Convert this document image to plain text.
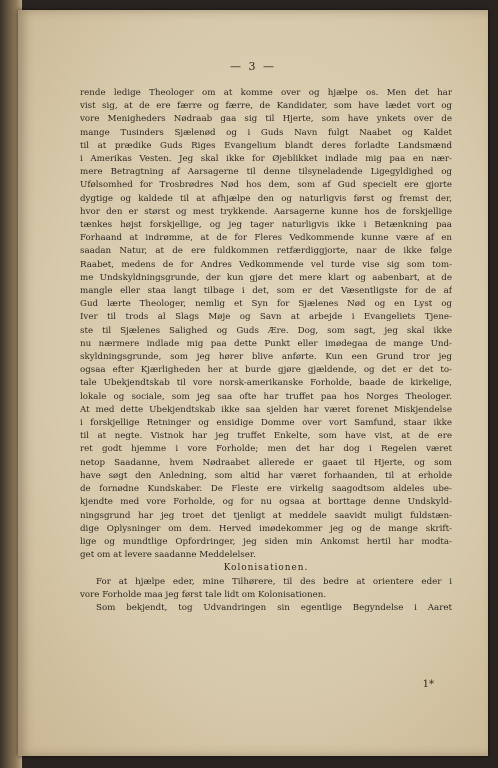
— 3 —
rende ledige Theologer om at komme over og hjælpe os. Men det har
vist sig, at de ere færre og færre, de Kandidater, som have lædet vort og
vore Menigheders Nødraab gaa sig til Hjerte, som have ynkets over de
mange Tusinders Sjælenød og i Guds Navn fulgt Naabet og Kaldet
til at prædike Guds Riges Evangelium blandt deres forladte Landsmænd
i Amerikas Vesten. Jeg skal ikke for Øjeblikket indlade mig paa en nær-
mere Betragtning af Aarsagerne til denne tilsyneladende Ligegyldighed og
Ufølsomhed for Trosbrødres Nød hos dem, som af Gud specielt ere gjorte
dygtige og kaldede til at afhjælpe den og naturligvis først og fremst der,
hvor den er størst og mest trykkende. Aarsagerne kunne hos de forskjellige
tænkes højst forskjellige, og jeg tager naturligvis ikke i Betænkning paa
Forhaand at indrømme, at de for Fleres Vedkommende kunne være af en
saadan Natur, at de ere fuldkommen retfærdiggjorte, naar de ikke følge
Raabet, medens de for Andres Vedkommende vel turde vise sig som tom-
me Undskyldningsgrunde, der kun gjøre det mere klart og aabenbart, at de
mangle eller staa langt tilbage i det, som er det Væsentligste for de af
Gud lærte Theologer, nemlig et Syn for Sjælenes Nød og en Lyst og
Iver til trods al Slags Møje og Savn at arbejde i Evangeliets Tjene-
ste til Sjælenes Salighed og Guds Ære. Dog, som sagt, jeg skal ikke
nu nærmere indlade mig paa dette Punkt eller imødegaa de mange Und-
skyldningsgrunde, som jeg hører blive anførte. Kun een Grund tror jeg
ogsaa efter Kjærligheden her at burde gjøre gjældende, og det er det to-
tale Ubekjendtskab til vore norsk-amerikanske Forholde, baade de kirkelige,
lokale og sociale, som jeg saa ofte har truffet paa hos Norges Theologer.
At med dette Ubekjendtskab ikke saa sjelden har været forenet Miskjendelse
i forskjellige Retninger og ensidige Domme over vort Samfund, staar ikke
til at negte. Vistnok har jeg truffet Enkelte, som have vist, at de ere
ret godt hjemme i vore Forholde; men det har dog i Regelen været
netop Saadanne, hvem Nødraabet allerede er gaaet til Hjerte, og som
have søgt den Anledning, som altid har været forhaanden, til at erholde
de fornødne Kundskaber. De Fleste ere virkelig saagodtsom aldeles ube-
kjendte med vore Forholde, og for nu ogsaa at borttage denne Undskyld-
ningsgrund har jeg troet det tjenligt at meddele saavidt muligt fuldstæn-
dige Oplysninger om dem. Herved imødekommer jeg og de mange skrift-
lige og mundtlige Opfordringer, jeg siden min Ankomst hertil har modta-
get om at levere saadanne Meddelelser.
Kolonisationen.
For at hjælpe eder, mine Tilhørere, til des bedre at orientere eder i
vore Forholde maa jeg først tale lidt om Kolonisationen.
Som bekjendt, tog Udvandringen sin egentlige Begyndelse i Aaret
1*
